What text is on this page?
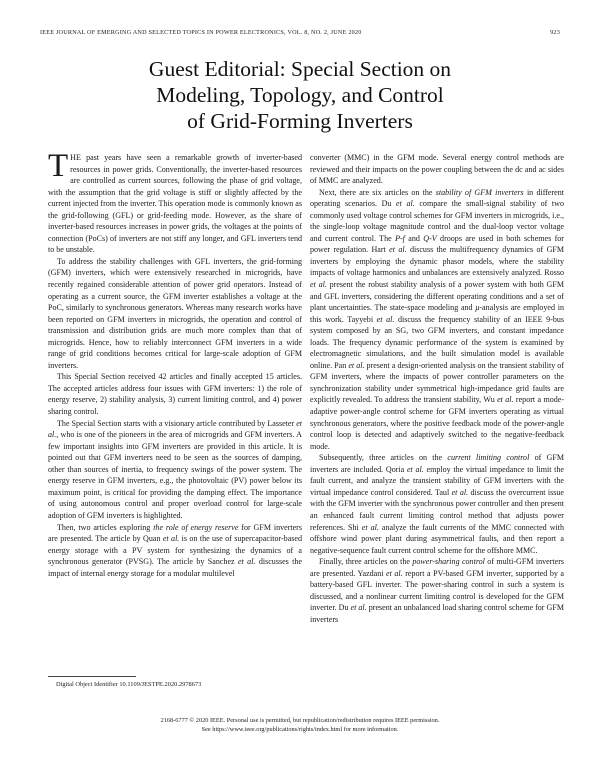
IEEE JOURNAL OF EMERGING AND SELECTED TOPICS IN POWER ELECTRONICS, VOL. 8, NO. 2, JUNE 2020	923
Guest Editorial: Special Section on
Modeling, Topology, and Control
of Grid-Forming Inverters

THE past years have seen a remarkable growth of inverter-based resources in power grids. Conventionally, the inverter-based resources are controlled as current sources, following the phase of grid voltage, with the assumption that the grid voltage is stiff or slightly affected by the current injected from the inverter. This operation mode is commonly known as the grid-following (GFL) or grid-feeding mode. However, as the share of inverter-based resources increases in power grids, the voltages at the points of connection (PoCs) of inverters are not stiff any longer, and GFL inverters tend to be unstable.

To address the stability challenges with GFL inverters, the grid-forming (GFM) inverters, which were extensively researched in microgrids, have recently regained considerable attention of power grid operators. Instead of operating as a current source, the GFM inverter establishes a voltage at the PoC, similarly to synchronous generators. Whereas many research works have been reported on GFM inverters in microgrids, the operation and control of transmission and distribution grids are much more complex than that of microgrids. Hence, how to reliably interconnect GFM inverters in a wide range of grid conditions becomes critical for large-scale adoption of GFM inverters.

This Special Section received 42 articles and finally accepted 15 articles. The accepted articles address four issues with GFM inverters: 1) the role of energy reserve, 2) stability analysis, 3) current limiting control, and 4) power sharing control.

The Special Section starts with a visionary article contributed by Lasseter et al., who is one of the pioneers in the area of microgrids and GFM inverters. A few important insights into GFM inverters are provided in this article. It is pointed out that GFM inverters need to be seen as the sources of damping, other than sources of inertia, to frequency swings of the power system. The energy reserve in GFM inverters, e.g., the photovoltaic (PV) power below its maximum point, is critical for providing the damping effect. The importance of using autonomous control and proper overload control for large-scale adoption of GFM inverters is highlighted.

Then, two articles exploring the role of energy reserve for GFM inverters are presented. The article by Quan et al. is on the use of supercapacitor-based energy storage with a PV system for synthesizing the dynamics of a synchronous generator (PVSG). The article by Sanchez et al. discusses the impact of internal energy storage for a modular multilevel

converter (MMC) in the GFM mode. Several energy control methods are reviewed and their impacts on the power coupling between the dc and ac sides of MMC are analyzed.

Next, there are six articles on the stability of GFM inverters in different operating scenarios. Du et al. compare the small-signal stability of two commonly used voltage control schemes for GFM inverters in microgrids, i.e., the single-loop voltage magnitude control and the dual-loop vector voltage and current control. The P-f and Q-V droops are used in both schemes for power regulation. Hart et al. discuss the multifrequency dynamics of GFM inverters by employing the dynamic phasor models, where the stability impacts of voltage harmonics and unbalances are extensively analyzed. Rosso et al. present the robust stability analysis of a power system with both GFM and GFL inverters, considering the different operating conditions and a set of plant uncertainties. The state-space modeling and μ-analysis are employed in this work. Tayyebi et al. discuss the frequency stability of an IEEE 9-bus system composed by an SG, two GFM inverters, and constant impedance loads. The frequency dynamic performance of the system is examined by electromagnetic simulations, and the built simulation model is available online. Pan et al. present a design-oriented analysis on the transient stability of GFM inverters, where the impacts of power controller parameters on the synchronization stability under symmetrical high-impedance grid faults are explicitly revealed. To address the transient stability, Wu et al. report a mode-adaptive power-angle control scheme for GFM inverters operating as virtual synchronous generators, where the positive feedback mode of the power-angle control loop is detected and adaptively switched to the negative-feedback mode.

Subsequently, three articles on the current limiting control of GFM inverters are included. Qoria et al. employ the virtual impedance to limit the fault current, and analyze the transient stability of GFM inverters with the virtual impedance control considered. Taul et al. discuss the overcurrent issue with the GFM inverter with the synchronous power controller and then present an enhanced fault current limiting control method that adjusts power references. Shi et al. analyze the fault currents of the MMC connected with offshore wind power plant during asymmetrical faults, and then report a negative-sequence fault current control scheme for the offshore MMC.

Finally, three articles on the power-sharing control of multi-GFM inverters are presented. Yazdani et al. report a PV-based GFM inverter, supported by a battery-based GFL inverter. The power-sharing control in such a system is discussed, and a nonlinear current limiting control is developed for the GFM inverter. Du et al. present an unbalanced load sharing control scheme for GFM inverters

Digital Object Identifier 10.1109/JESTPE.2020.2978673
2168-6777 © 2020 IEEE. Personal use is permitted, but republication/redistribution requires IEEE permission.
See https://www.ieee.org/publications/rights/index.html for more information.
